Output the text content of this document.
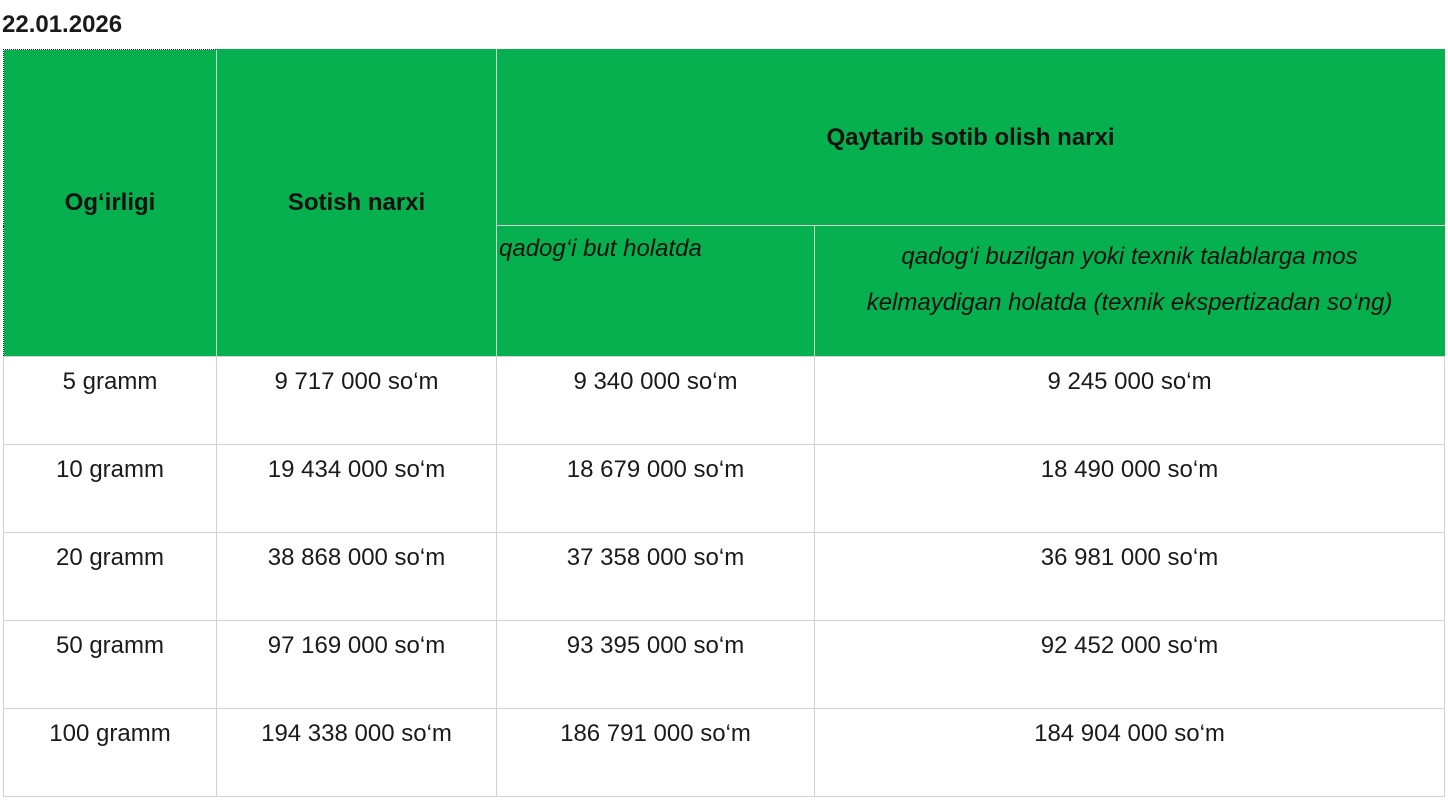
22.01.2026
Og‘irligi	Sotish narxi	Qaytarib sotib olish narxi	
		qadog‘i but holatda	qadog‘i buzilgan yoki texnik talablarga mos kelmaydigan holatda (texnik ekspertizadan so‘ng)
5 gramm	9 717 000 so‘m	9 340 000 so‘m	9 245 000 so‘m
10 gramm	19 434 000 so‘m	18 679 000 so‘m	18 490 000 so‘m
20 gramm	38 868 000 so‘m	37 358 000 so‘m	36 981 000 so‘m
50 gramm	97 169 000 so‘m	93 395 000 so‘m	92 452 000 so‘m
100 gramm	194 338 000 so‘m	186 791 000 so‘m	184 904 000 so‘m
